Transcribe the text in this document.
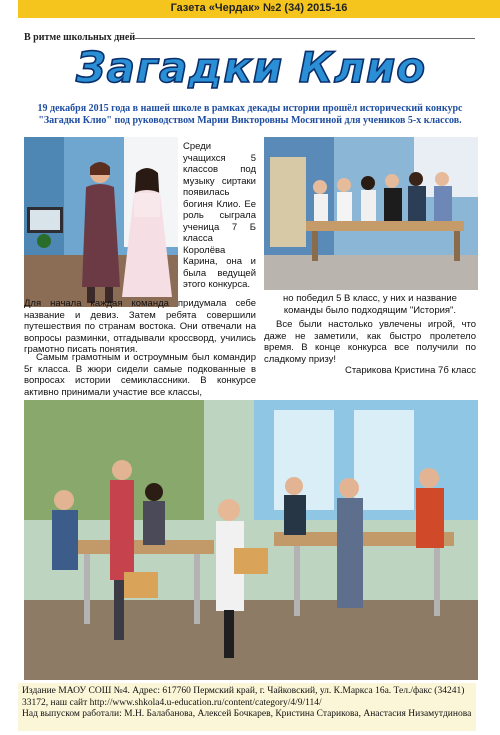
Газета «Чердак» №2 (34) 2015-16
В ритме школьных дней
Загадки Клио
19 декабря 2015 года в нашей школе в рамках декады истории прошёл исторический конкурс "Загадки Клио" под руководством Марии Викторовны Мосягиной для учеников 5-х классов.
Среди учащихся 5 классов под музыку сиртаки появилась богиня Клио. Ее роль сыграла ученица 7 Б класса Королёва Карина, она и была ведущей этого конкурса.
Для начала каждая команда придумала себе название и девиз. Затем ребята совершили путешествия по странам востока. Они отвечали на вопросы разминки, отгадывали кроссворд, учились грамотно писать понятия.
Самым грамотным и остроумным был командир 5г класса. В жюри сидели самые подкованные в вопросах истории семиклассники. В конкурсе активно принимали участие все классы,
но победил 5 В класс, у них и название команды было подходящим "История".
Все были настолько увлечены игрой, что даже не заметили, как быстро пролетело время. В конце конкурса все получили по сладкому призу!
Старикова Кристина 7б класс
Издание МАОУ СОШ №4. Адрес: 617760 Пермский край, г. Чайковский, ул. К.Маркса 16а. Тел./факс (34241)
33172, наш сайт http://www.shkola4.u-education.ru/content/category/4/9/114/
Над выпуском работали: М.Н. Балабанова, Алексей Бочкарев, Кристина Старикова, Анастасия Низамутдинова
